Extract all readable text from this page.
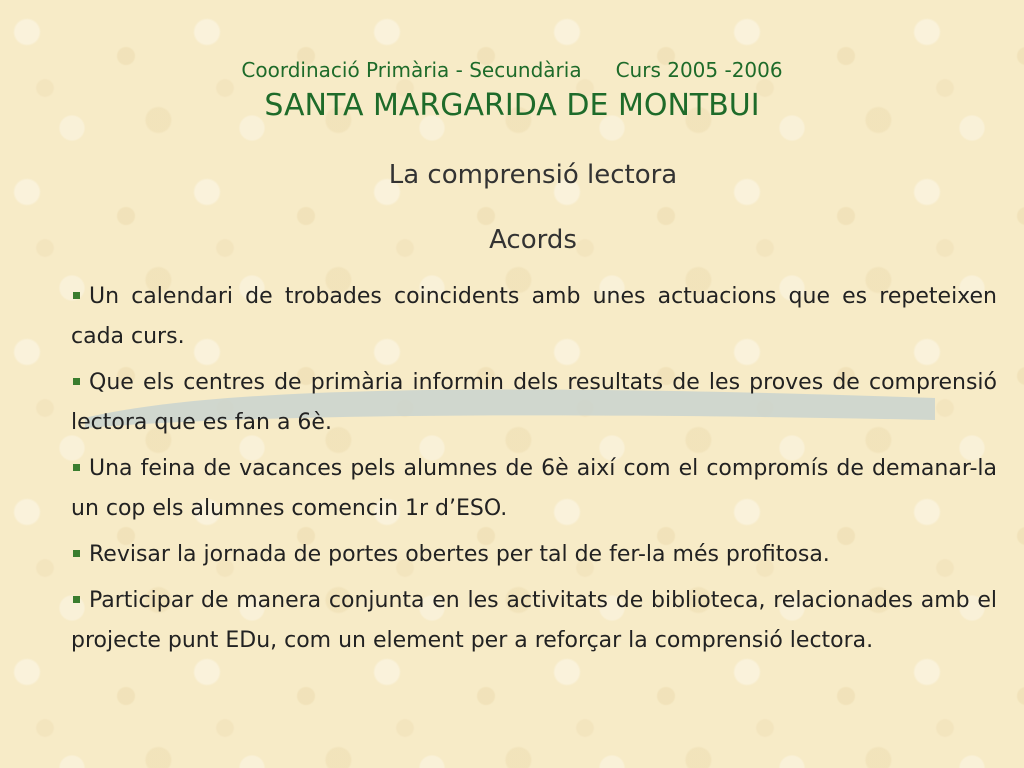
Coordinació Primària - Secundària Curs 2005 -2006
SANTA MARGARIDA DE MONTBUI
La comprensió lectora
Acords
Un calendari de trobades coincidents amb unes actuacions que es repeteixen cada curs.
Que els centres de primària informin dels resultats de les proves de comprensió lectora que es fan a 6è.
Una feina de vacances pels alumnes de 6è així com el compromís de demanar-la un cop els alumnes comencin 1r d’ESO.
Revisar la jornada de portes obertes per tal de fer-la més profitosa.
Participar de manera conjunta en les activitats de biblioteca, relacionades amb el projecte punt EDu, com un element per a reforçar la comprensió lectora.
